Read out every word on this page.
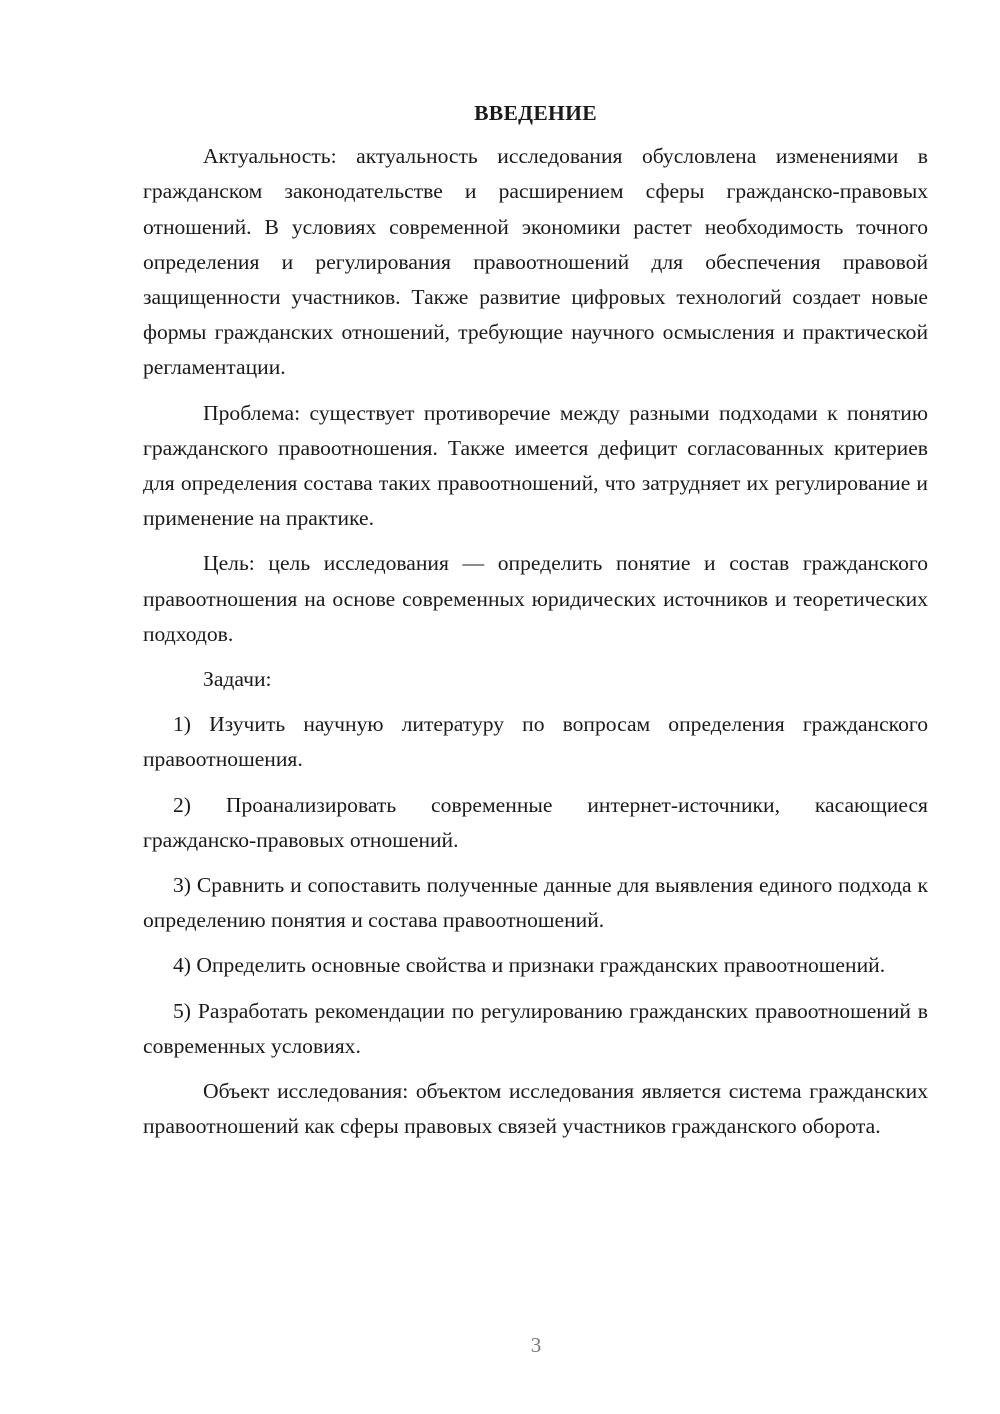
ВВЕДЕНИЕ

Актуальность: актуальность исследования обусловлена изменениями в гражданском законодательстве и расширением сферы гражданско-правовых отношений. В условиях современной экономики растет необходимость точного определения и регулирования правоотношений для обеспечения правовой защищенности участников. Также развитие цифровых технологий создает новые формы гражданских отношений, требующие научного осмысления и практической регламентации.

Проблема: существует противоречие между разными подходами к понятию гражданского правоотношения. Также имеется дефицит согласованных критериев для определения состава таких правоотношений, что затрудняет их регулирование и применение на практике.

Цель: цель исследования — определить понятие и состав гражданского правоотношения на основе современных юридических источников и теоретических подходов.

Задачи:

1) Изучить научную литературу по вопросам определения гражданского правоотношения.

2) Проанализировать современные интернет-источники, касающиеся гражданско-правовых отношений.

3) Сравнить и сопоставить полученные данные для выявления единого подхода к определению понятия и состава правоотношений.

4) Определить основные свойства и признаки гражданских правоотношений.

5) Разработать рекомендации по регулированию гражданских правоотношений в современных условиях.

Объект исследования: объектом исследования является система гражданских правоотношений как сферы правовых связей участников гражданского оборота.

3
